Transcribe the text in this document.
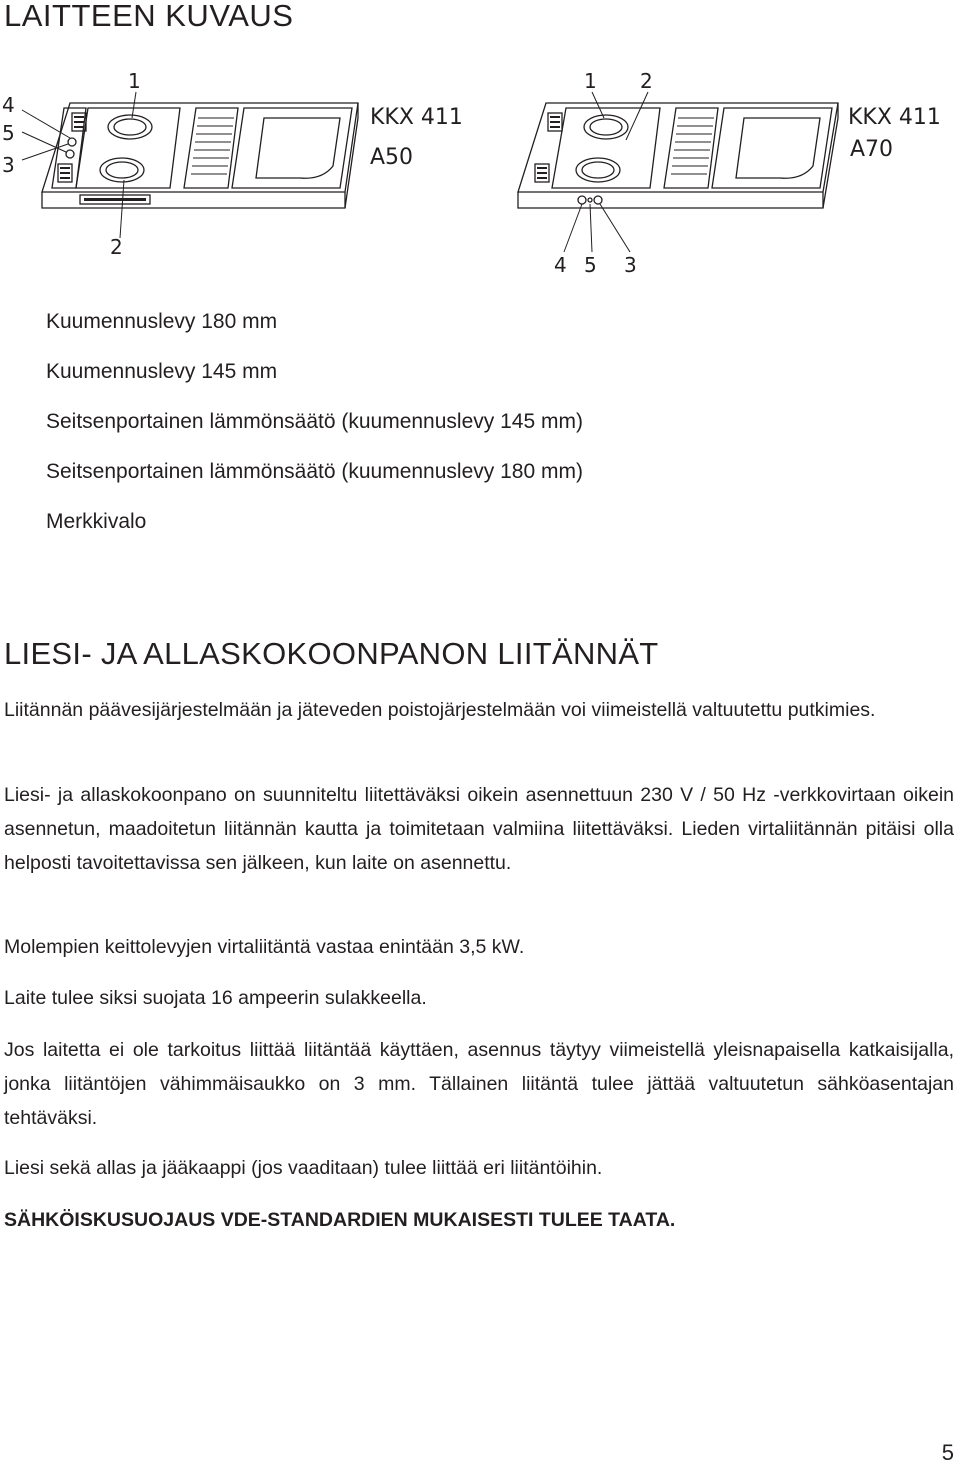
LAITTEEN KUVAUS
1
4
5
3
2
1 2
4 5 3
KKX 411
A50
KKX 411
A70
Kuumennuslevy 180 mm
Kuumennuslevy 145 mm
Seitsenportainen lämmönsäätö (kuumennuslevy 145 mm)
Seitsenportainen lämmönsäätö (kuumennuslevy 180 mm)
Merkkivalo
LIESI- JA ALLASKOKOONPANON LIITÄNNÄT

Liitännän päävesijärjestelmään ja jäteveden poistojärjestelmään voi viimeistellä valtuutettu putkimies.

Liesi- ja allaskokoonpano on suunniteltu liitettäväksi oikein asennettuun 230 V / 50 Hz -verkkovirtaan oikein asennetun, maadoitetun liitännän kautta ja toimitetaan valmiina liitettäväksi. Lieden virtaliitännän pitäisi olla helposti tavoitettavissa sen jälkeen, kun laite on asennettu.

Molempien keittolevyjen virtaliitäntä vastaa enintään 3,5 kW.

Laite tulee siksi suojata 16 ampeerin sulakkeella.

Jos laitetta ei ole tarkoitus liittää liitäntää käyttäen, asennus täytyy viimeistellä yleisnapaisella katkaisijalla, jonka liitäntöjen vähimmäisaukko on 3 mm. Tällainen liitäntä tulee jättää valtuutetun sähköasentajan tehtäväksi.

Liesi sekä allas ja jääkaappi (jos vaaditaan) tulee liittää eri liitäntöihin.

SÄHKÖISKUSUOJAUS VDE-STANDARDIEN MUKAISESTI TULEE TAATA.

5
